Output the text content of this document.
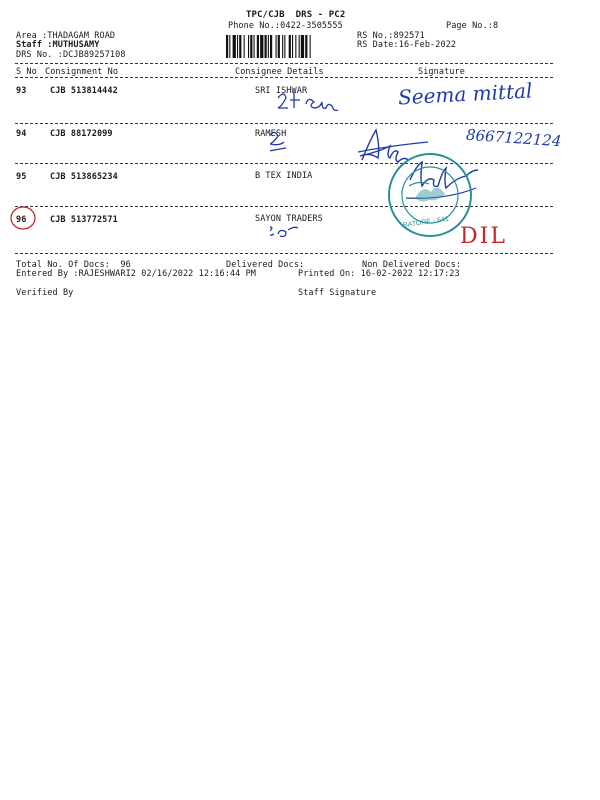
TPC/CJB  DRS - PC2
Phone No.:0422-3505555	Page No.:8
Area :THADAGAM ROAD
Staff :MUTHUSAMY
DRS No. :DCJB89257108
RS No.:892571
RS Date:16-Feb-2022
S No Consignment No	Consignee Details	Signature
93	CJB 513814442	SRI ISHWAR
94	CJB 88172099	RAMESH
95	CJB 513865234	B TEX INDIA
96	CJB 513772571	SAYON TRADERS
Seema mittal
8667122124
DIL
BATORE - 641
Total No. Of Docs:  96	Delivered Docs:	Non Delivered Docs:
Entered By :RAJESHWARI2 02/16/2022 12:16:44 PM	Printed On: 16-02-2022 12:17:23
Verified By	Staff Signature
